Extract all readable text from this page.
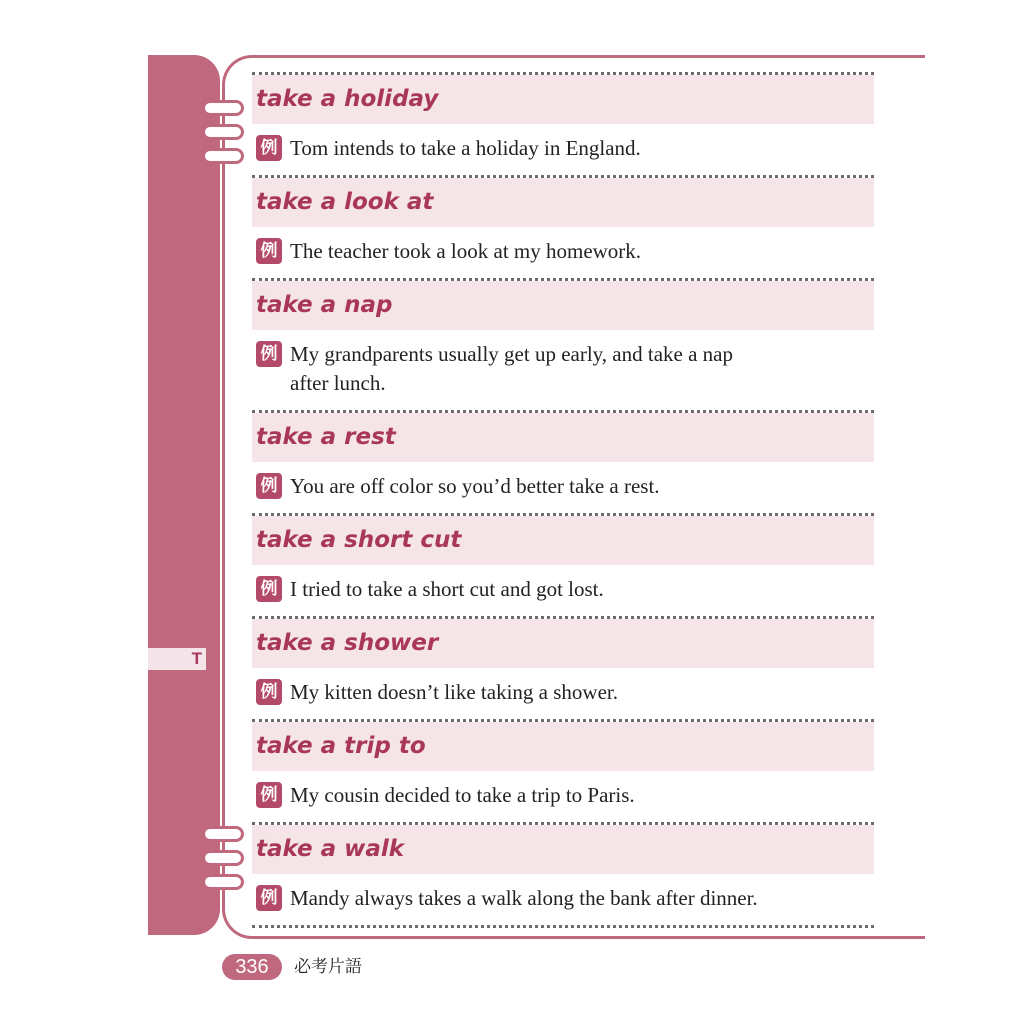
T
take a holiday
例 Tom intends to take a holiday in England.
take a look at
例 The teacher took a look at my homework.
take a nap
例 My grandparents usually get up early, and take a nap after lunch.
take a rest
例 You are off color so you’d better take a rest.
take a short cut
例 I tried to take a short cut and got lost.
take a shower
例 My kitten doesn’t like taking a shower.
take a trip to
例 My cousin decided to take a trip to Paris.
take a walk
例 Mandy always takes a walk along the bank after dinner.
336	必考片語
